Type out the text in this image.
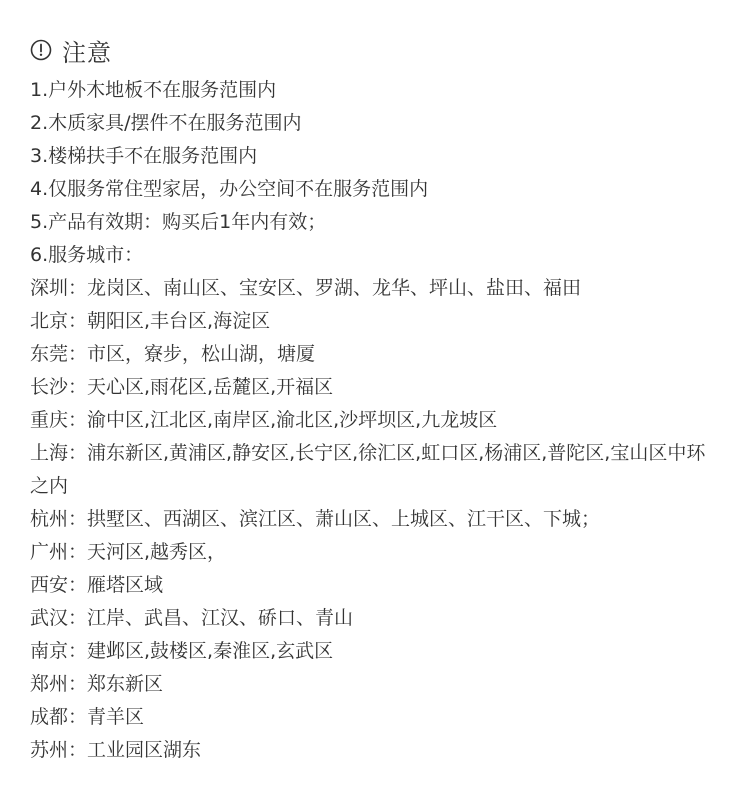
注意
1.户外木地板不在服务范围内
2.木质家具/摆件不在服务范围内
3.楼梯扶手不在服务范围内
4.仅服务常住型家居，办公空间不在服务范围内
5.产品有效期：购买后1年内有效；
6.服务城市：
深圳：龙岗区、南山区、宝安区、罗湖、龙华、坪山、盐田、福田
北京：朝阳区,丰台区,海淀区
东莞：市区，寮步，松山湖，塘厦
长沙：天心区,雨花区,岳麓区,开福区
重庆：渝中区,江北区,南岸区,渝北区,沙坪坝区,九龙坡区
上海：浦东新区,黄浦区,静安区,长宁区,徐汇区,虹口区,杨浦区,普陀区,宝山区中环之内
杭州：拱墅区、西湖区、滨江区、萧山区、上城区、江干区、下城；
广州：天河区,越秀区，
西安：雁塔区域
武汉：江岸、武昌、江汉、硚口、青山
南京：建邺区,鼓楼区,秦淮区,玄武区
郑州：郑东新区
成都：青羊区
苏州：工业园区湖东
